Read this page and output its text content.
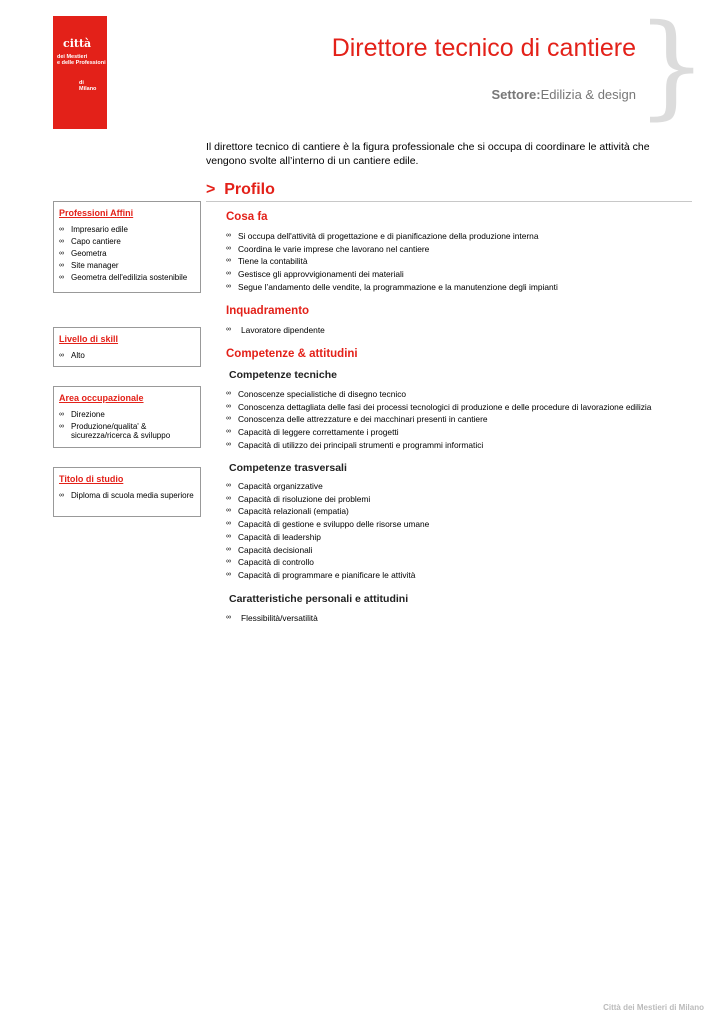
città
dei Mestieri
e delle Professioni
di
Milano
Direttore tecnico di cantiere }
Settore:Edilizia & design
Il direttore tecnico di cantiere è la figura professionale che si occupa di coordinare le attività che vengono svolte all’interno di un cantiere edile.
> Profilo
Professioni Affini
∞ Impresario edile
∞ Capo cantiere
∞ Geometra
∞ Site manager
∞ Geometra dell'edilizia sostenibile
Livello di skill
∞ Alto
Area occupazionale
∞ Direzione
∞ Produzione/qualita' & sicurezza/ricerca & sviluppo
Titolo di studio
∞ Diploma di scuola media superiore
Cosa fa
∞ Si occupa dell'attività di progettazione e di pianificazione della produzione interna
∞ Coordina le varie imprese che lavorano nel cantiere
∞ Tiene la contabilità
∞ Gestisce gli approvvigionamenti dei materiali
∞ Segue l’andamento delle vendite, la programmazione e la manutenzione degli impianti
Inquadramento
∞ Lavoratore dipendente
Competenze & attitudini
Competenze tecniche
∞ Conoscenze specialistiche di disegno tecnico
∞ Conoscenza dettagliata delle fasi dei processi tecnologici di produzione e delle procedure di lavorazione edilizia
∞ Conoscenza delle attrezzature e dei macchinari presenti in cantiere
∞ Capacità di leggere correttamente i progetti
∞ Capacità di utilizzo dei principali strumenti e programmi informatici
Competenze trasversali
∞ Capacità organizzative
∞ Capacità di risoluzione dei problemi
∞ Capacità relazionali (empatia)
∞ Capacità di gestione e sviluppo delle risorse umane
∞ Capacità di leadership
∞ Capacità decisionali
∞ Capacità di controllo
∞ Capacità di programmare e pianificare le attività
Caratteristiche personali e attitudini
∞ Flessibilità/versatilità
Città dei Mestieri di Milano
